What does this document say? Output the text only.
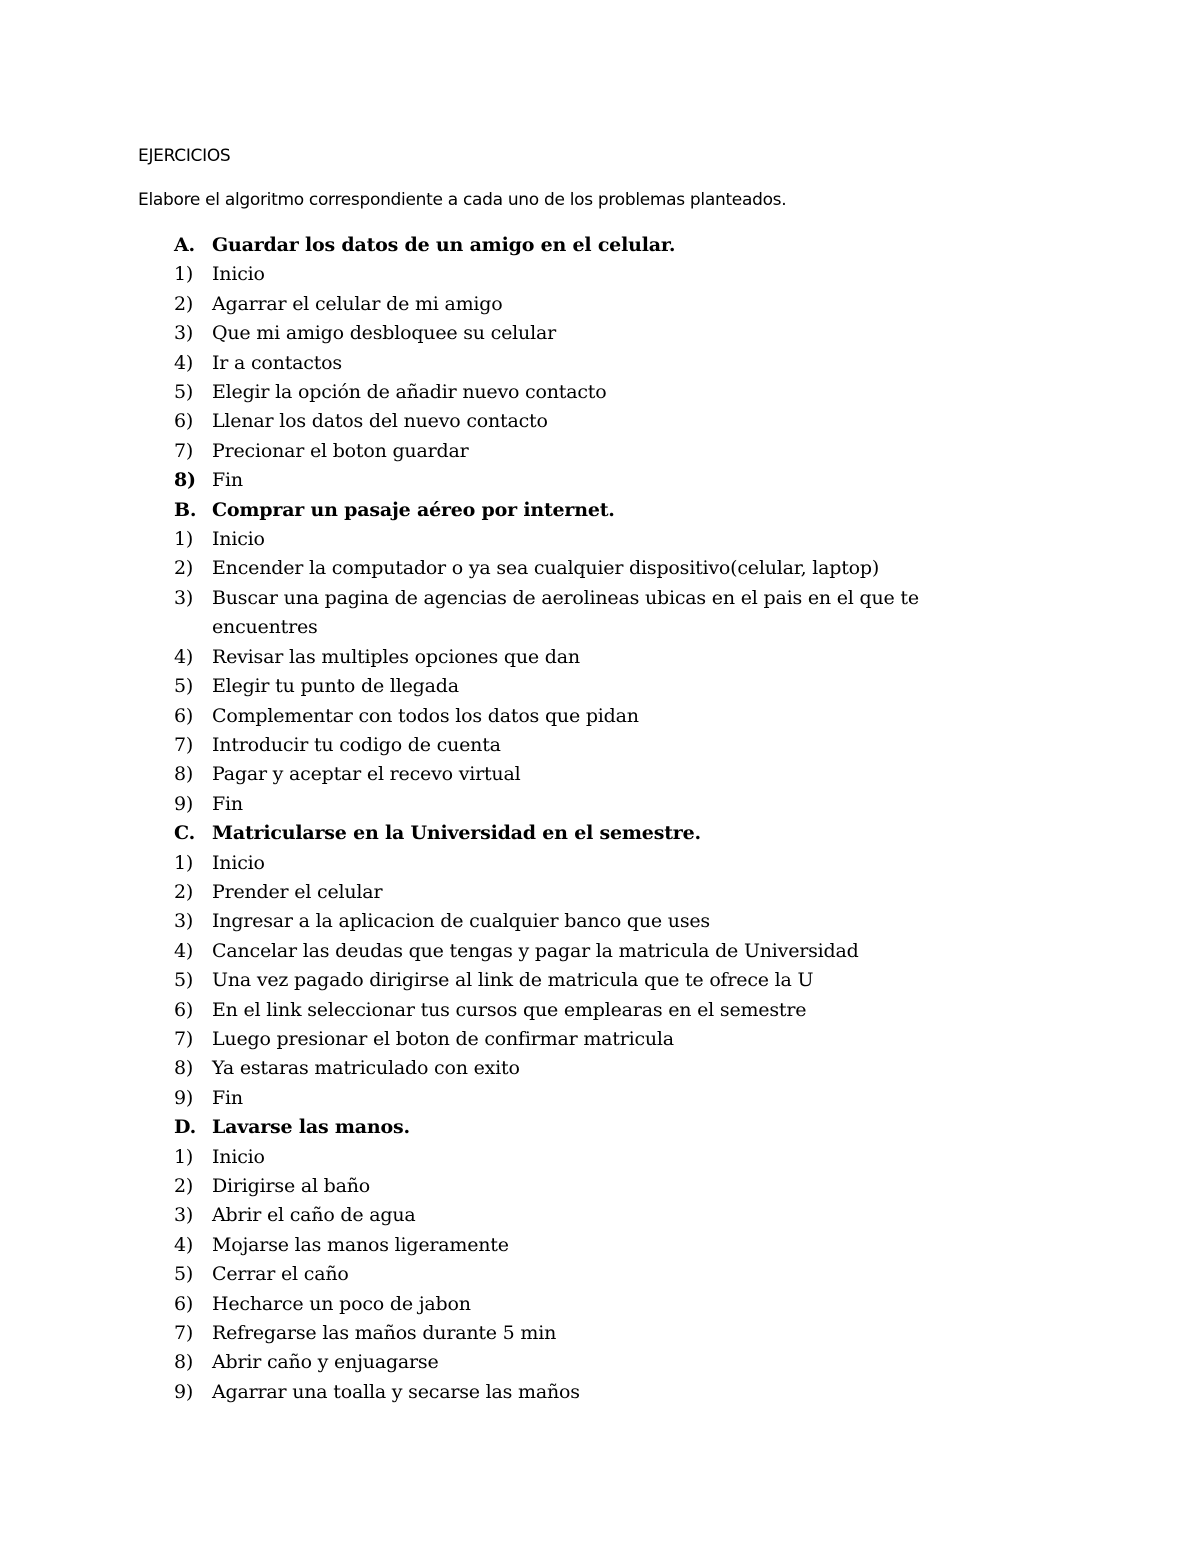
EJERCICIOS

Elabore el algoritmo correspondiente a cada uno de los problemas planteados.

A. Guardar los datos de un amigo en el celular.
1) Inicio
2) Agarrar el celular de mi amigo
3) Que mi amigo desbloquee su celular
4) Ir a contactos
5) Elegir la opción de añadir nuevo contacto
6) Llenar los datos del nuevo contacto
7) Precionar el boton guardar
8) Fin
B. Comprar un pasaje aéreo por internet.
1) Inicio
2) Encender la computador o ya sea cualquier dispositivo(celular, laptop)
3) Buscar una pagina de agencias de aerolineas ubicas en el pais en el que te encuentres
4) Revisar las multiples opciones que dan
5) Elegir tu punto de llegada
6) Complementar con todos los datos que pidan
7) Introducir tu codigo de cuenta
8) Pagar y aceptar el recevo virtual
9) Fin
C. Matricularse en la Universidad en el semestre.
1) Inicio
2) Prender el celular
3) Ingresar a la aplicacion de cualquier banco que uses
4) Cancelar las deudas que tengas y pagar la matricula de Universidad
5) Una vez pagado dirigirse al link de matricula que te ofrece la U
6) En el link seleccionar tus cursos que emplearas en el semestre
7) Luego presionar el boton de confirmar matricula
8) Ya estaras matriculado con exito
9) Fin
D. Lavarse las manos.
1) Inicio
2) Dirigirse al baño
3) Abrir el caño de agua
4) Mojarse las manos ligeramente
5) Cerrar el caño
6) Hecharce un poco de jabon
7) Refregarse las maños durante 5 min
8) Abrir caño y enjuagarse
9) Agarrar una toalla y secarse las maños
